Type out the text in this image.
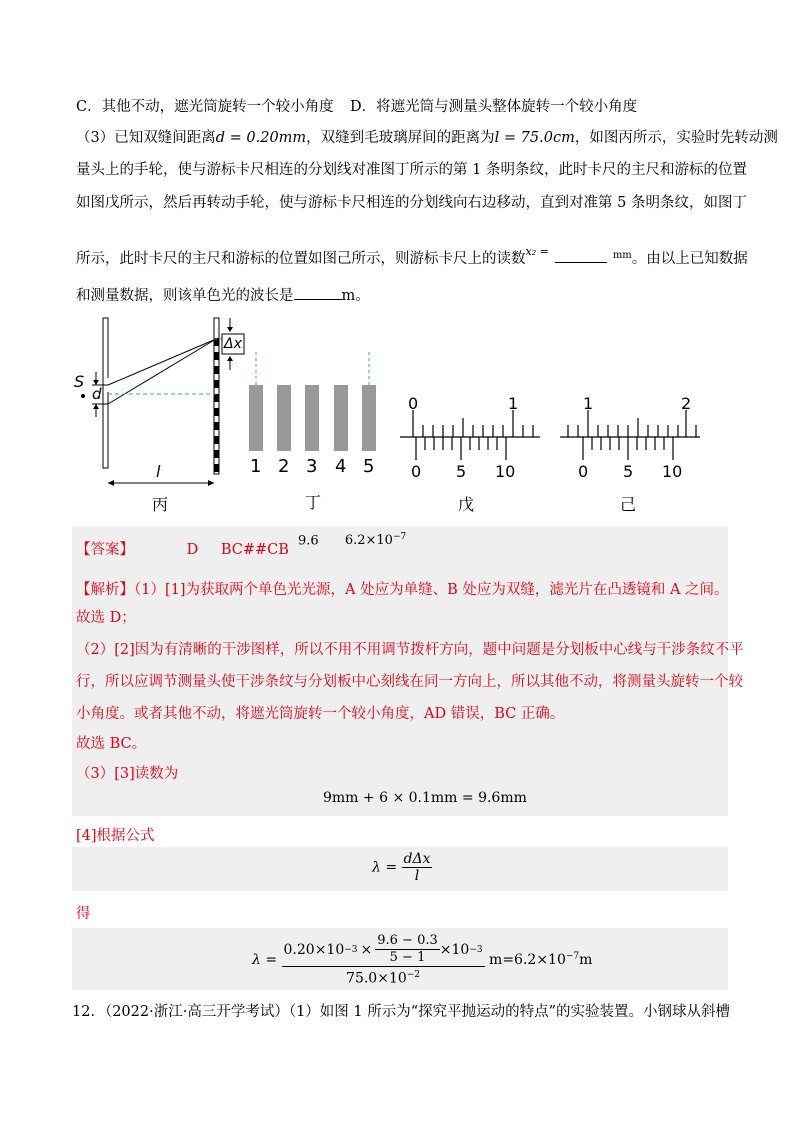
C．其他不动，遮光筒旋转一个较小角度 D．将遮光筒与测量头整体旋转一个较小角度
（3）已知双缝间距离d = 0.20mm，双缝到毛玻璃屏间的距离为l = 75.0cm，如图丙所示，实验时先转动测
量头上的手轮，使与游标卡尺相连的分划线对准图丁所示的第 1 条明条纹，此时卡尺的主尺和游标的位置
如图戊所示，然后再转动手轮，使与游标卡尺相连的分划线向右边移动，直到对准第 5 条明条纹，如图丁
所示，此时卡尺的主尺和游标的位置如图己所示，则游标卡尺上的读数$^{x_2 =}$	$^{mm}$。由以上已知数据
和测量数据，则该单色光的波长是	m。
S
d
Δx
l
丙
1 2 3 4 5
丁
0	1
0 5 10
戊
1	2
0 5 10
己
【答案】	D BC##CB
9.6 $6.2\times 10^{-7}$
【解析】（1）[1]为获取两个单色光光源，A 处应为单缝、B 处应为双缝，滤光片在凸透镜和 A 之间。
故选 D；
（2）[2]因为有清晰的干涉图样，所以不用不用调节拨杆方向，题中问题是分划板中心线与干涉条纹不平
行，所以应调节测量头使干涉条纹与分划板中心刻线在同一方向上，所以其他不动，将测量头旋转一个较
小角度。或者其他不动，将遮光筒旋转一个较小角度，AD 错误，BC 正确。
故选 BC。
（3）[3]读数为
9mm + 6 × 0.1mm = 9.6mm
[4]根据公式
$\lambda = \frac{\text{dΔx}}{l}$
得
$\lambda = \frac{0.20\times 10 -3 \times \frac{9.6 - 0.3}{5 - 1} \times 10 -3}{75.0\times 10^{-2}} m=6.2\times 10^{-7}m$
12．（2022·浙江·高三开学考试）（1）如图 1 所示为“探究平抛运动的特点”的实验装置。小钢球从斜槽
